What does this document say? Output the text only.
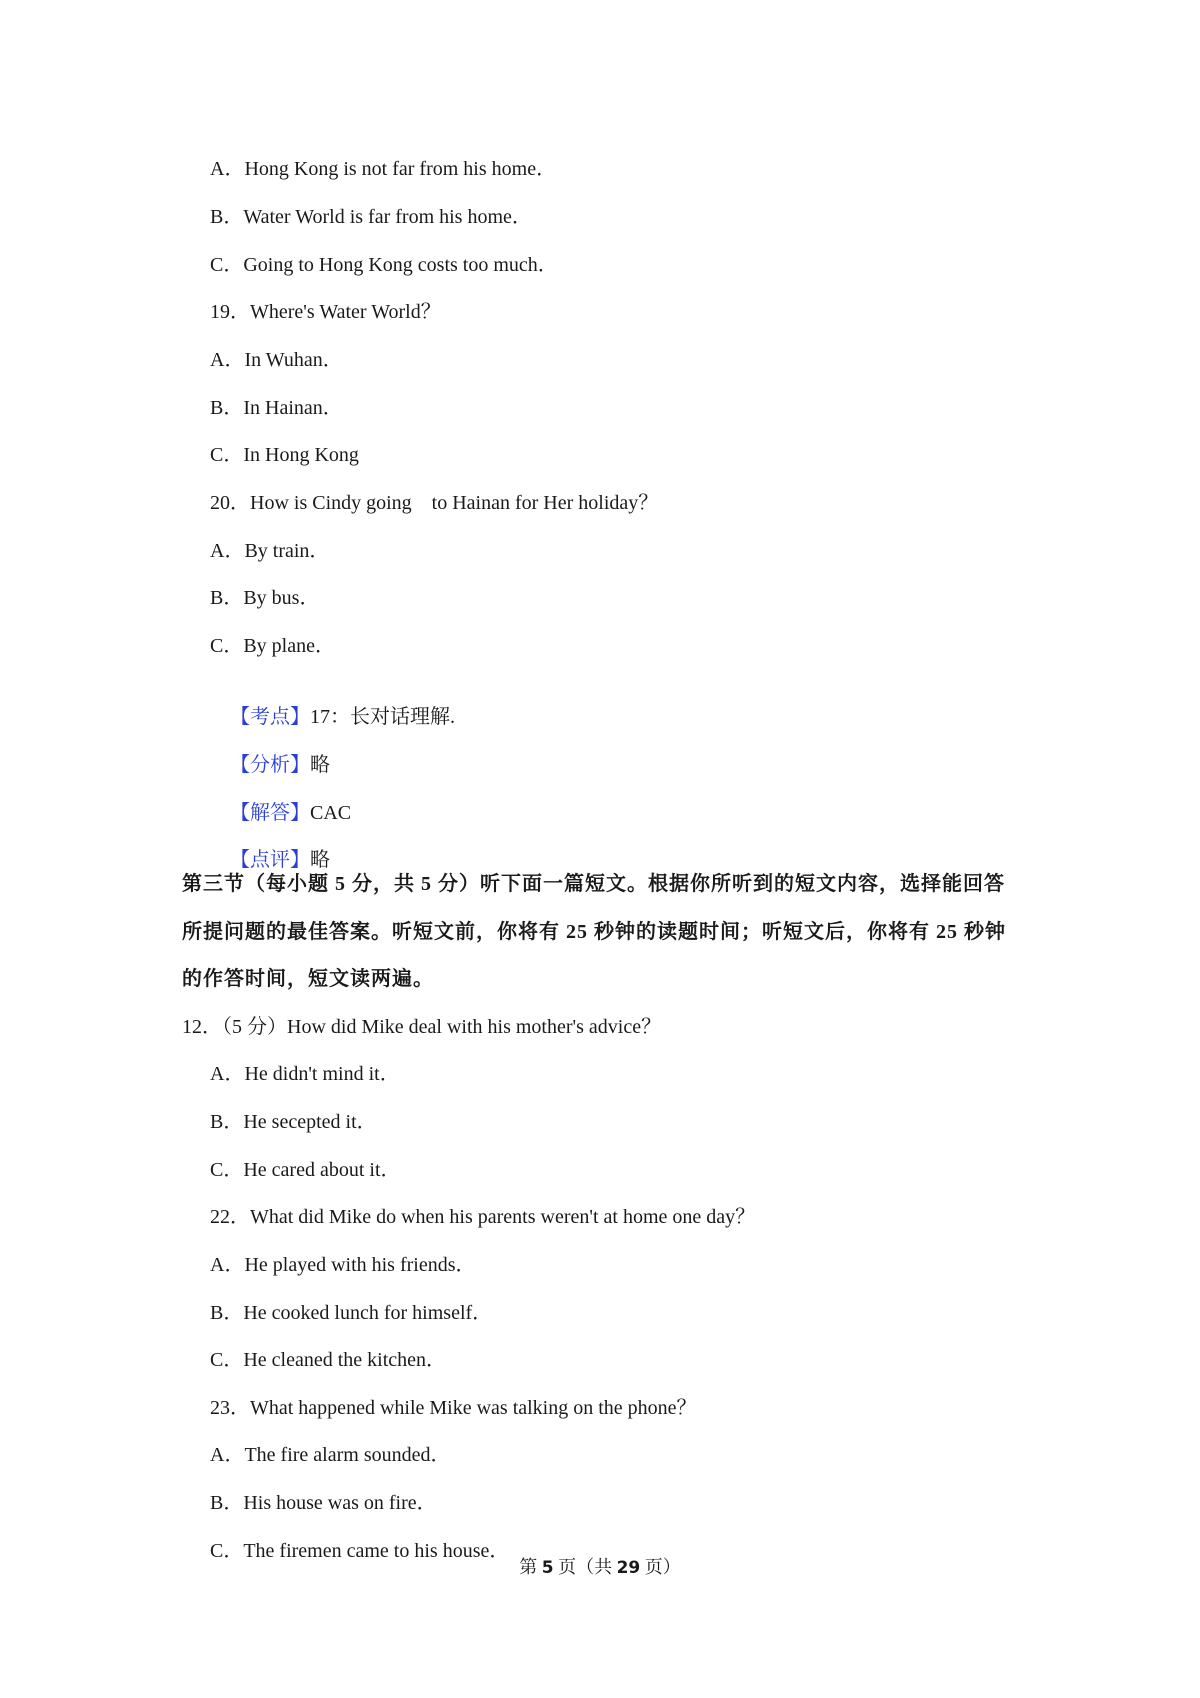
A．Hong Kong is not far from his home．
B．Water World is far from his home．
C．Going to Hong Kong costs too much．
19．Where's Water World？
A．In Wuhan．
B．In Hainan．
C．In Hong Kong
20．How is Cindy going    to Hainan for Her holiday？
A．By train．
B．By bus．
C．By plane．

【考点】17：长对话理解.

【分析】略

【解答】CAC

【点评】略

第三节（每小题 5 分，共 5 分）听下面一篇短文。根据你所听到的短文内容，选择能回答
所提问题的最佳答案。听短文前，你将有 25 秒钟的读题时间；听短文后，你将有 25 秒钟
的作答时间，短文读两遍。
12．（5 分）How did Mike deal with his mother's advice？
A．He didn't mind it．
B．He secepted it．
C．He cared about it．
22．What did Mike do when his parents weren't at home one day？
A．He played with his friends．
B．He cooked lunch for himself．
C．He cleaned the kitchen．
23．What happened while Mike was talking on the phone？
A．The fire alarm sounded．
B．His house was on fire．
C．The firemen came to his house．
第 5 页（共 29 页）
